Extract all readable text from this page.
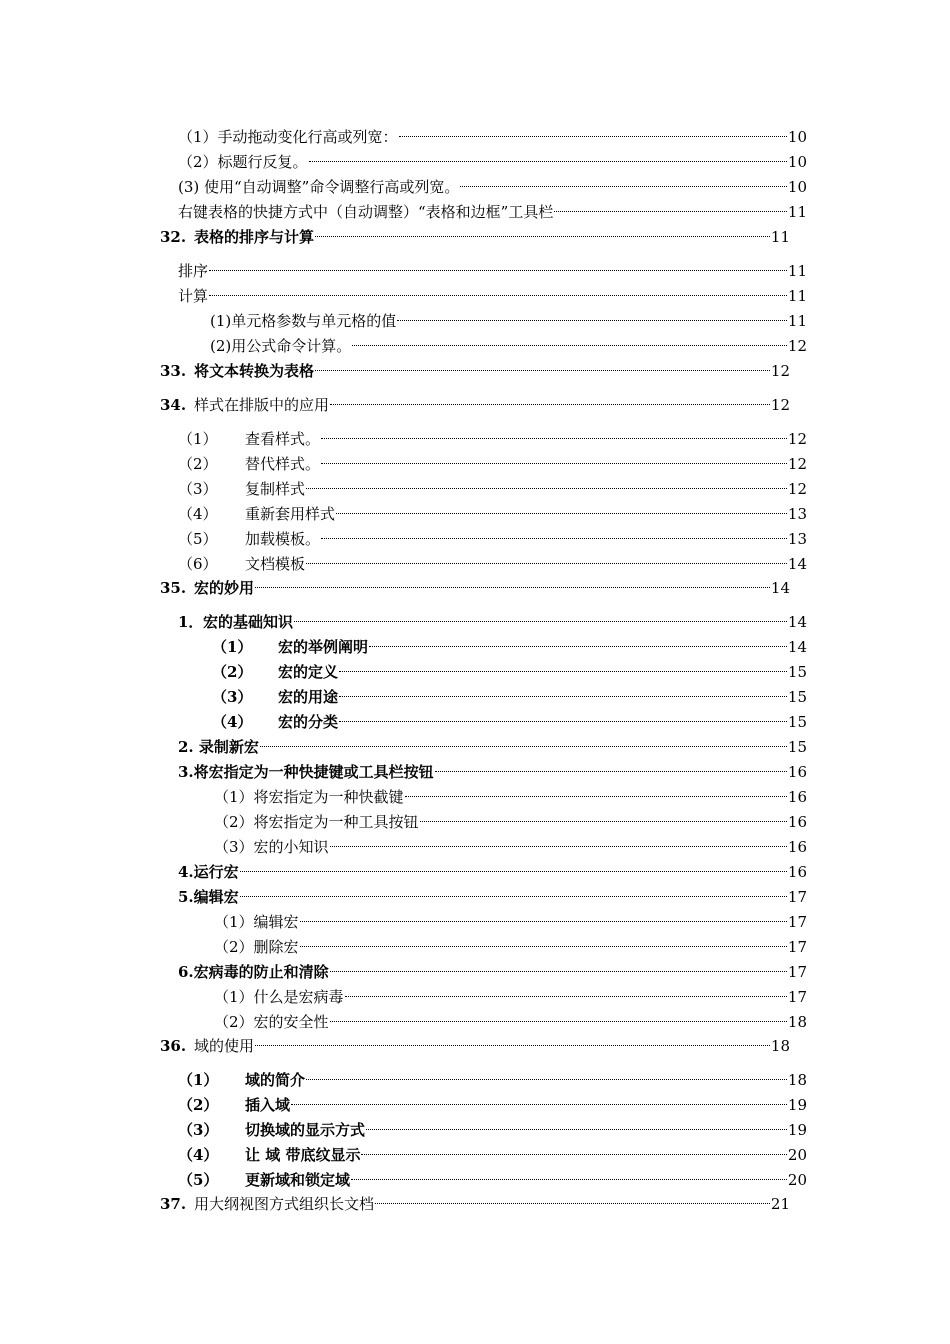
（1）手动拖动变化行高或列宽：	10
（2）标题行反复。	10
(3) 使用“自动调整”命令调整行高或列宽。	10
右键表格的快捷方式中（自动调整）“表格和边框”工具栏	11
32. 表格的排序与计算	11
排序	11
计算	11
(1)单元格参数与单元格的值	11
(2)用公式命令计算。	12
33. 将文本转换为表格	12
34. 样式在排版中的应用	12
（1）	查看样式。	12
（2）	替代样式。	12
（3）	复制样式	12
（4）	重新套用样式	13
（5）	加载模板。	13
（6）	文档模板	14
35. 宏的妙用	14
1． 宏的基础知识	14
（1）	宏的举例阐明	14
（2）	宏的定义	15
（3）	宏的用途	15
（4）	宏的分类	15
2. 录制新宏	15
3.将宏指定为一种快捷键或工具栏按钮	16
（1）将宏指定为一种快截键	16
（2）将宏指定为一种工具按钮	16
（3）宏的小知识	16
4.运行宏	16
5.编辑宏	17
（1）编辑宏	17
（2）删除宏	17
6.宏病毒的防止和清除	17
（1）什么是宏病毒	17
（2）宏的安全性	18
36. 域的使用	18
（1）	域的简介	18
（2）	插入域	19
（3）	切换域的显示方式	19
（4）	让 域 带底纹显示	20
（5）	更新域和锁定域	20
37. 用大纲视图方式组织长文档	21
